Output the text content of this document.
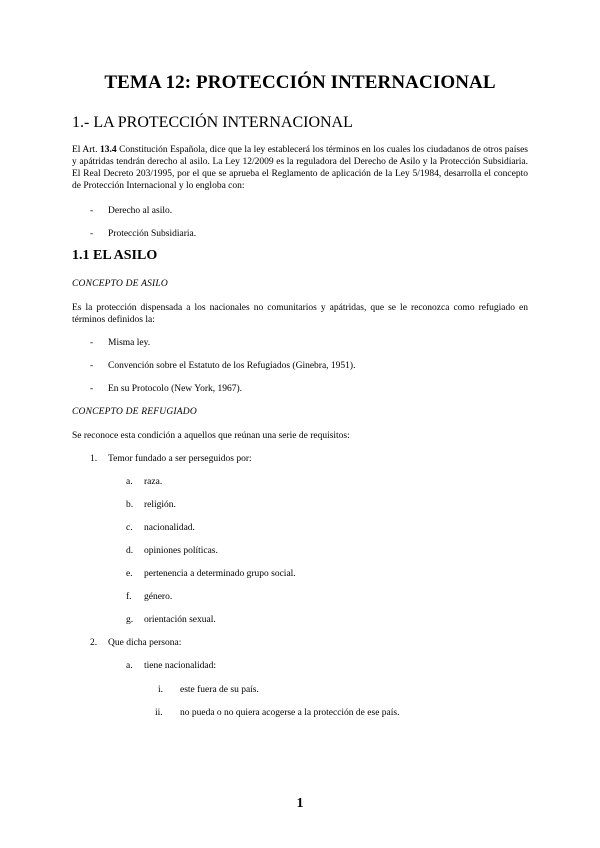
TEMA 12: PROTECCIÓN INTERNACIONAL
1.- LA PROTECCIÓN INTERNACIONAL

El Art. 13.4 Constitución Española, dice que la ley establecerá los términos en los cuales los ciudadanos de otros países y apátridas tendrán derecho al asilo. La Ley 12/2009 es la reguladora del Derecho de Asilo y la Protección Subsidiaria. El Real Decreto 203/1995, por el que se aprueba el Reglamento de aplicación de la Ley 5/1984, desarrolla el concepto de Protección Internacional y lo engloba con:

- Derecho al asilo.
- Protección Subsidiaria.
1.1 EL ASILO
CONCEPTO DE ASILO

Es la protección dispensada a los nacionales no comunitarios y apátridas, que se le reconozca como refugiado en términos definidos la:

- Misma ley.
- Convención sobre el Estatuto de los Refugiados (Ginebra, 1951).
- En su Protocolo (New York, 1967).
CONCEPTO DE REFUGIADO

Se reconoce esta condición a aquellos que reúnan una serie de requisitos:

1. Temor fundado a ser perseguidos por:
a. raza.
b. religión.
c. nacionalidad.
d. opiniones políticas.
e. pertenencia a determinado grupo social.
f. género.
g. orientación sexual.
2. Que dicha persona:
a. tiene nacionalidad:
i. este fuera de su país.
ii. no pueda o no quiera acogerse a la protección de ese país.
1
